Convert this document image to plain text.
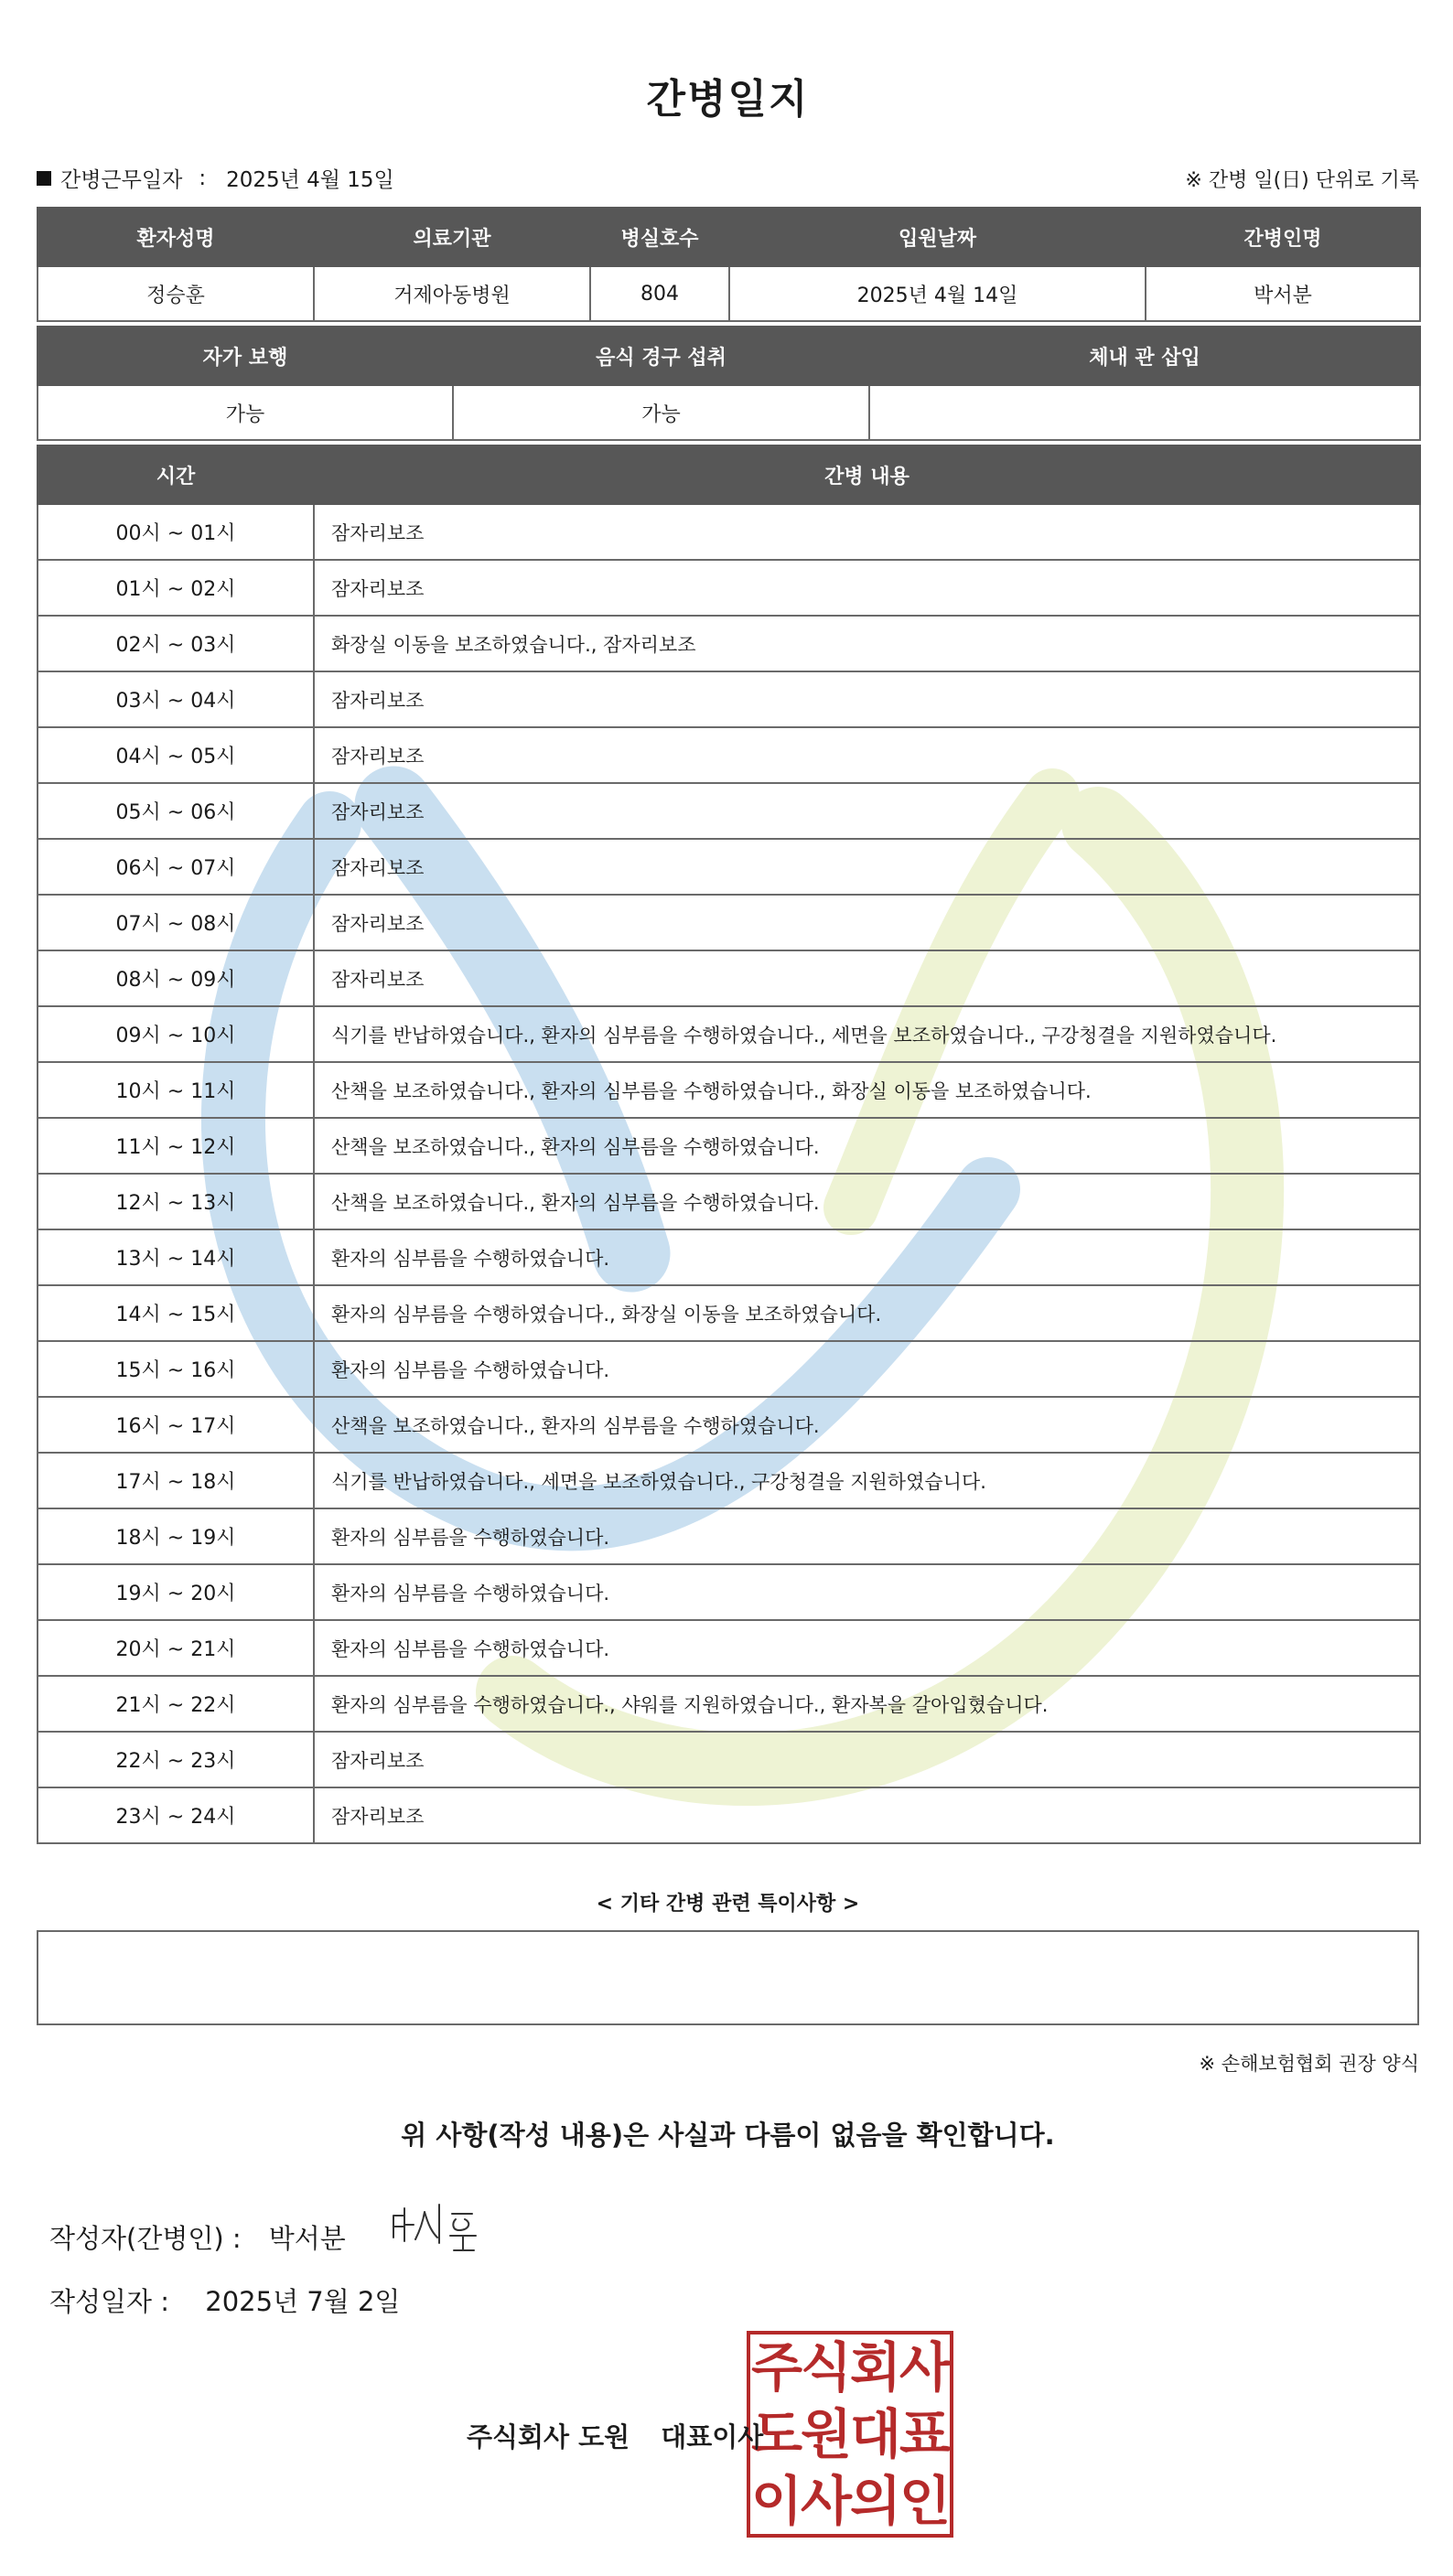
간병일지
간병근무일자 : 2025년 4월 15일	※ 간병 일(日) 단위로 기록
환자성명	의료기관	병실호수	입원날짜	간병인명
정승훈	거제아동병원	804	2025년 4월 14일	박서분
자가 보행	음식 경구 섭취	체내 관 삽입
가능	가능	
시간	간병 내용
00시 ~ 01시	잠자리보조
01시 ~ 02시	잠자리보조
02시 ~ 03시	화장실 이동을 보조하였습니다., 잠자리보조
03시 ~ 04시	잠자리보조
04시 ~ 05시	잠자리보조
05시 ~ 06시	잠자리보조
06시 ~ 07시	잠자리보조
07시 ~ 08시	잠자리보조
08시 ~ 09시	잠자리보조
09시 ~ 10시	식기를 반납하였습니다., 환자의 심부름을 수행하였습니다., 세면을 보조하였습니다., 구강청결을 지원하였습니다.
10시 ~ 11시	산책을 보조하였습니다., 환자의 심부름을 수행하였습니다., 화장실 이동을 보조하였습니다.
11시 ~ 12시	산책을 보조하였습니다., 환자의 심부름을 수행하였습니다.
12시 ~ 13시	산책을 보조하였습니다., 환자의 심부름을 수행하였습니다.
13시 ~ 14시	환자의 심부름을 수행하였습니다.
14시 ~ 15시	환자의 심부름을 수행하였습니다., 화장실 이동을 보조하였습니다.
15시 ~ 16시	환자의 심부름을 수행하였습니다.
16시 ~ 17시	산책을 보조하였습니다., 환자의 심부름을 수행하였습니다.
17시 ~ 18시	식기를 반납하였습니다., 세면을 보조하였습니다., 구강청결을 지원하였습니다.
18시 ~ 19시	환자의 심부름을 수행하였습니다.
19시 ~ 20시	환자의 심부름을 수행하였습니다.
20시 ~ 21시	환자의 심부름을 수행하였습니다.
21시 ~ 22시	환자의 심부름을 수행하였습니다., 샤워를 지원하였습니다., 환자복을 갈아입혔습니다.
22시 ~ 23시	잠자리보조
23시 ~ 24시	잠자리보조
< 기타 간병 관련 특이사항 >
※ 손해보험협회 권장 양식
위 사항(작성 내용)은 사실과 다름이 없음을 확인합니다.
작성자(간병인) : 박서분
작성일자 : 2025년 7월 2일
주식회사 도원 대표이사
주식회사
도원대표
이사의인
